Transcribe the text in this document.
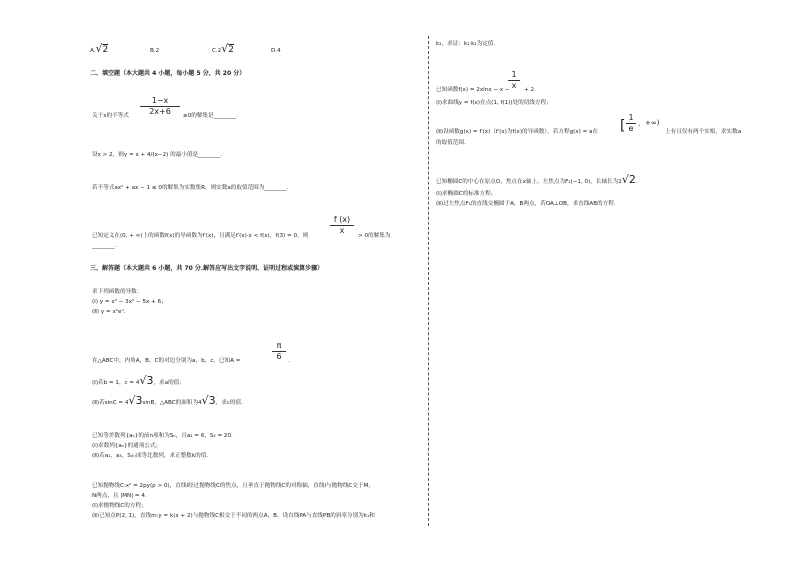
A.√2	B.2	C.2√2	D.4
二、填空题（本大题共 4 小题，每小题 5 分，共 20 分）
1−x
2x+6
关于x的不等式	≥0的解集是________.
设x > 2，则y = x + 4/(x−2) 的最小值是________.
若不等式ax² + ax − 1 ≤ 0的解集为实数集R，则实数a的取值范围为________.
已知定义在(0, + ∞)上的函数f(x)的导函数为f′(x)，且满足f′(x)·x < f(x)，f(3) = 0，则
f (x)
x
> 0的解集为
________.
三、解答题（本大题共 6 小题，共 70 分.解答应写出文字说明、证明过程或演算步骤）
求下列函数的导数：
(Ⅰ) y = x³ − 3x² − 5x + 6；
(Ⅱ) y = x²eˣ.
在△ABC中，内角A，B，C的对边分别为a，b，c，已知A =
π
6	.
(Ⅰ)若b = 1，c = 4√3，求a的值；
(Ⅱ)若sinC = 4√3sinB，△ABC的面积为4√3，求c的值.
已知等差数列{aₙ}的前n项和为Sₙ，且a₂ = 6，S₃ = 20.
(Ⅰ)求数列{aₙ}的通项公式；
(Ⅱ)若a₁，a₃，S₍ₖ₎成等比数列，求正整数k的值.
已知抛物线C:x² = 2py(p > 0)，直线l经过抛物线C的焦点，且垂直于抛物线C的对称轴，直线l与抛物线C交于M，
N两点，且 |MN| = 4.
(Ⅰ)求抛物线C的方程；
(Ⅱ)已知点P(2, 1)，直线m:y = k(x + 2)与抛物线C相交于不同的两点A，B，设直线PA与直线PB的斜率分别为k₁和
k₂，求证：k₁·k₂为定值.
1
x
已知函数f(x) = 2xlnx − x −	+ 2.
(Ⅰ)求曲线y = f(x)在点(1, f(1))处的切线方程；
(Ⅱ)设函数g(x) = f′(x)（f′(x)为f(x)的导函数），若方程g(x) = a在 [
1
e
，+∞)
上有且仅有两个实根，求实数a
的取值范围.
已知椭圆C的中心在原点O，焦点在x轴上，左焦点为F₁(−1, 0)，长轴长为2√2.
(Ⅰ)求椭圆C的标准方程；
(Ⅱ)过左焦点F₁的直线交椭圆于A，B两点，若OA⊥OB，求直线AB的方程.
